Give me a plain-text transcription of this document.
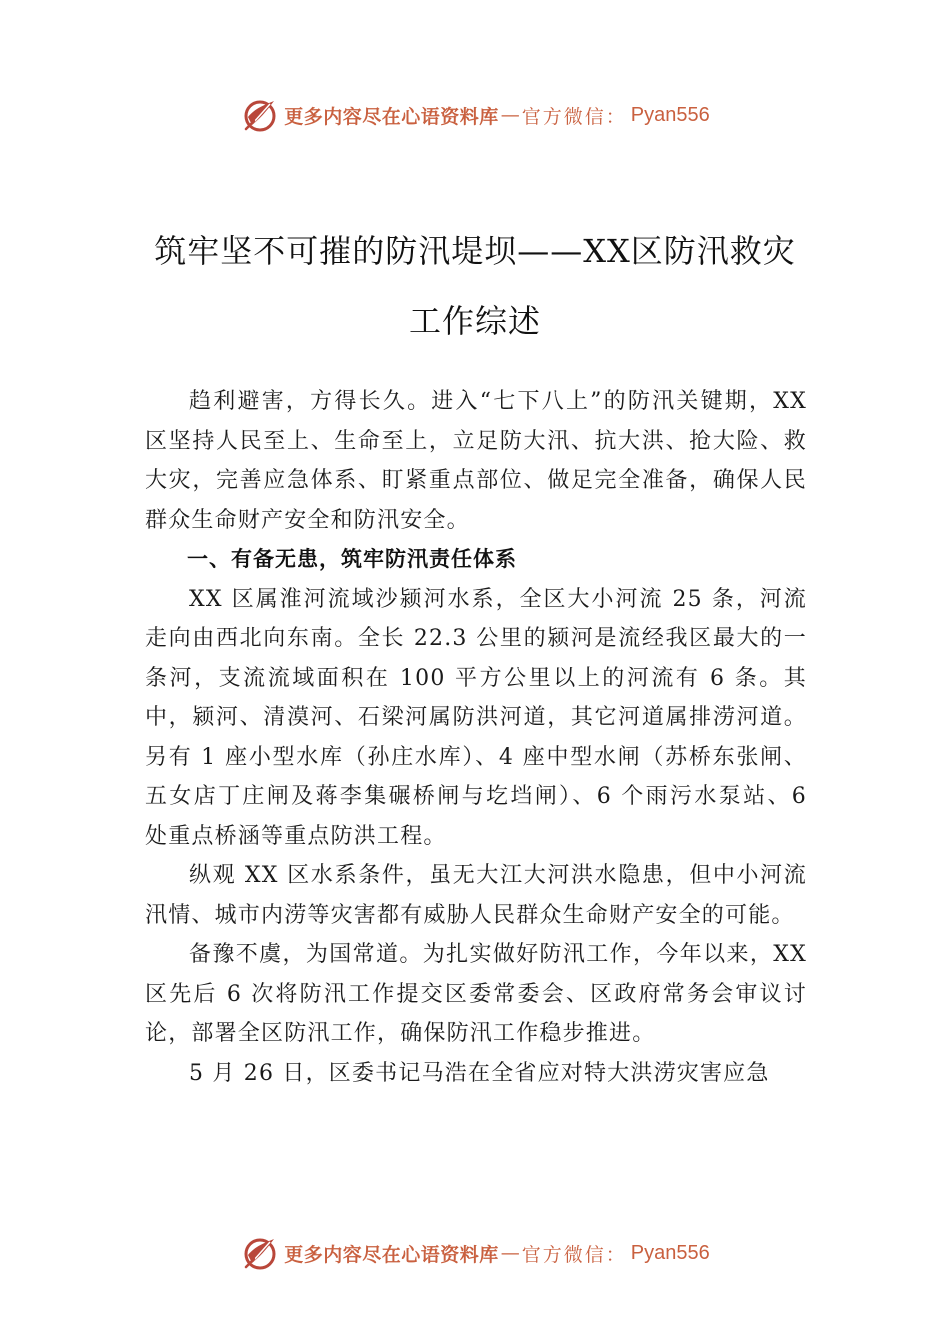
更多内容尽在心语资料库 — 官方微信： Pyan556
筑牢坚不可摧的防汛堤坝——XX区防汛救灾工作综述

趋利避害，方得长久。进入“七下八上”的防汛关键期，XX 区坚持人民至上、生命至上，立足防大汛、抗大洪、抢大险、救大灾，完善应急体系、盯紧重点部位、做足完全准备，确保人民群众生命财产安全和防汛安全。

一、有备无患，筑牢防汛责任体系

XX 区属淮河流域沙颍河水系，全区大小河流 25 条，河流走向由西北向东南。全长 22.3 公里的颍河是流经我区最大的一条河，支流流域面积在 100 平方公里以上的河流有 6 条。其中，颍河、清漠河、石梁河属防洪河道，其它河道属排涝河道。另有 1 座小型水库（孙庄水库）、4 座中型水闸（苏桥东张闸、五女店丁庄闸及蒋李集碾桥闸与圪垱闸）、6 个雨污水泵站、6 处重点桥涵等重点防洪工程。

纵观 XX 区水系条件，虽无大江大河洪水隐患，但中小河流汛情、城市内涝等灾害都有威胁人民群众生命财产安全的可能。

备豫不虞，为国常道。为扎实做好防汛工作，今年以来，XX 区先后 6 次将防汛工作提交区委常委会、区政府常务会审议讨论，部署全区防汛工作，确保防汛工作稳步推进。

5 月 26 日，区委书记马浩在全省应对特大洪涝灾害应急

更多内容尽在心语资料库 — 官方微信： Pyan556
